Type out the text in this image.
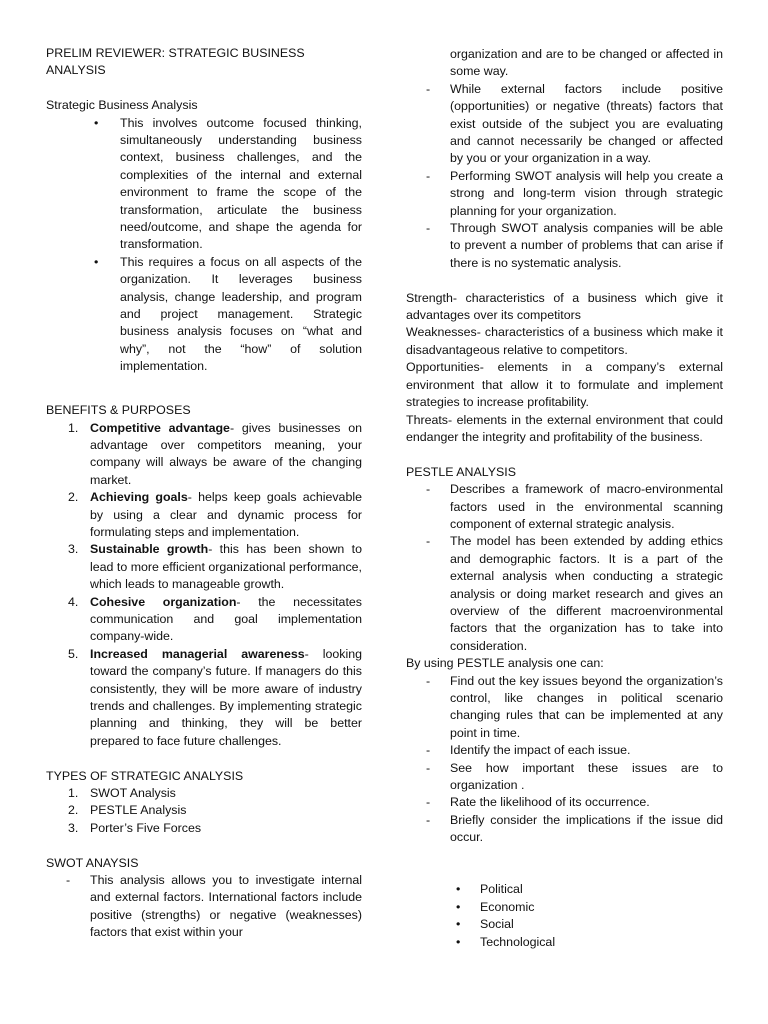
PRELIM REVIEWER: STRATEGIC BUSINESS ANALYSIS

Strategic Business Analysis

• This involves outcome focused thinking, simultaneously understanding business context, business challenges, and the complexities of the internal and external environment to frame the scope of the transformation, articulate the business need/outcome, and shape the agenda for transformation.
• This requires a focus on all aspects of the organization. It leverages business analysis, change leadership, and program and project management. Strategic business analysis focuses on “what and why”, not the “how” of solution implementation.

BENEFITS & PURPOSES

1. Competitive advantage- gives businesses on advantage over competitors meaning, your company will always be aware of the changing market.
2. Achieving goals- helps keep goals achievable by using a clear and dynamic process for formulating steps and implementation.
3. Sustainable growth- this has been shown to lead to more efficient organizational performance, which leads to manageable growth.
4. Cohesive organization- the necessitates communication and goal implementation company-wide.
5. Increased managerial awareness- looking toward the company’s future. If managers do this consistently, they will be more aware of industry trends and challenges. By implementing strategic planning and thinking, they will be better prepared to face future challenges.

TYPES OF STRATEGIC ANALYSIS

1. SWOT Analysis
2. PESTLE Analysis
3. Porter’s Five Forces

SWOT ANAYSIS

- This analysis allows you to investigate internal and external factors. International factors include positive (strengths) or negative (weaknesses) factors that exist within your
organization and are to be changed or affected in some way.
- While external factors include positive (opportunities) or negative (threats) factors that exist outside of the subject you are evaluating and cannot necessarily be changed or affected by you or your organization in a way.
- Performing SWOT analysis will help you create a strong and long-term vision through strategic planning for your organization.
- Through SWOT analysis companies will be able to prevent a number of problems that can arise if there is no systematic analysis.

Strength- characteristics of a business which give it advantages over its competitors

Weaknesses- characteristics of a business which make it disadvantageous relative to competitors.

Opportunities- elements in a company’s external environment that allow it to formulate and implement strategies to increase profitability.

Threats- elements in the external environment that could endanger the integrity and profitability of the business.

PESTLE ANALYSIS

- Describes a framework of macro-environmental factors used in the environmental scanning component of external strategic analysis.
- The model has been extended by adding ethics and demographic factors. It is a part of the external analysis when conducting a strategic analysis or doing market research and gives an overview of the different macroenvironmental factors that the organization has to take into consideration.

By using PESTLE analysis one can:

- Find out the key issues beyond the organization’s control, like changes in political scenario changing rules that can be implemented at any point in time.
- Identify the impact of each issue.
- See how important these issues are to organization .
- Rate the likelihood of its occurrence.
- Briefly consider the implications if the issue did occur.
• Political
• Economic
• Social
• Technological
